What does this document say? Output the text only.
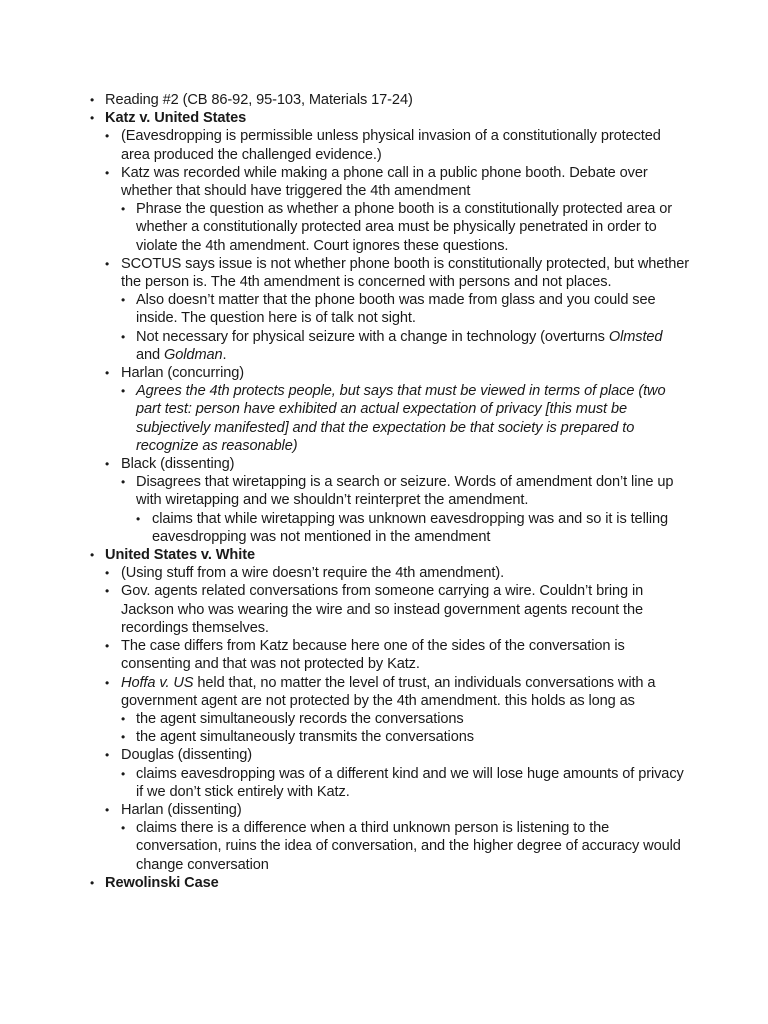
• Reading #2 (CB 86-92, 95-103, Materials 17-24)
• Katz v. United States
• (Eavesdropping is permissible unless physical invasion of a constitutionally protected area produced the challenged evidence.)
• Katz was recorded while making a phone call in a public phone booth. Debate over whether that should have triggered the 4th amendment
• Phrase the question as whether a phone booth is a constitutionally protected area or whether a constitutionally protected area must be physically penetrated in order to violate the 4th amendment. Court ignores these questions.
• SCOTUS says issue is not whether phone booth is constitutionally protected, but whether the person is. The 4th amendment is concerned with persons and not places.
• Also doesn’t matter that the phone booth was made from glass and you could see inside. The question here is of talk not sight.
• Not necessary for physical seizure with a change in technology (overturns Olmsted and Goldman.
• Harlan (concurring)
• Agrees the 4th protects people, but says that must be viewed in terms of place (two part test: person have exhibited an actual expectation of privacy [this must be subjectively manifested] and that the expectation be that society is prepared to recognize as reasonable)
• Black (dissenting)
• Disagrees that wiretapping is a search or seizure. Words of amendment don’t line up with wiretapping and we shouldn’t reinterpret the amendment.
• claims that while wiretapping was unknown eavesdropping was and so it is telling eavesdropping was not mentioned in the amendment
• United States v. White
• (Using stuff from a wire doesn’t require the 4th amendment).
• Gov. agents related conversations from someone carrying a wire. Couldn’t bring in Jackson who was wearing the wire and so instead government agents recount the recordings themselves.
• The case differs from Katz because here one of the sides of the conversation is consenting and that was not protected by Katz.
• Hoffa v. US held that, no matter the level of trust, an individuals conversations with a government agent are not protected by the 4th amendment. this holds as long as
• the agent simultaneously records the conversations
• the agent simultaneously transmits the conversations
• Douglas (dissenting)
• claims eavesdropping was of a different kind and we will lose huge amounts of privacy if we don’t stick entirely with Katz.
• Harlan (dissenting)
• claims there is a difference when a third unknown person is listening to the conversation, ruins the idea of conversation, and the higher degree of accuracy would change conversation
• Rewolinski Case
